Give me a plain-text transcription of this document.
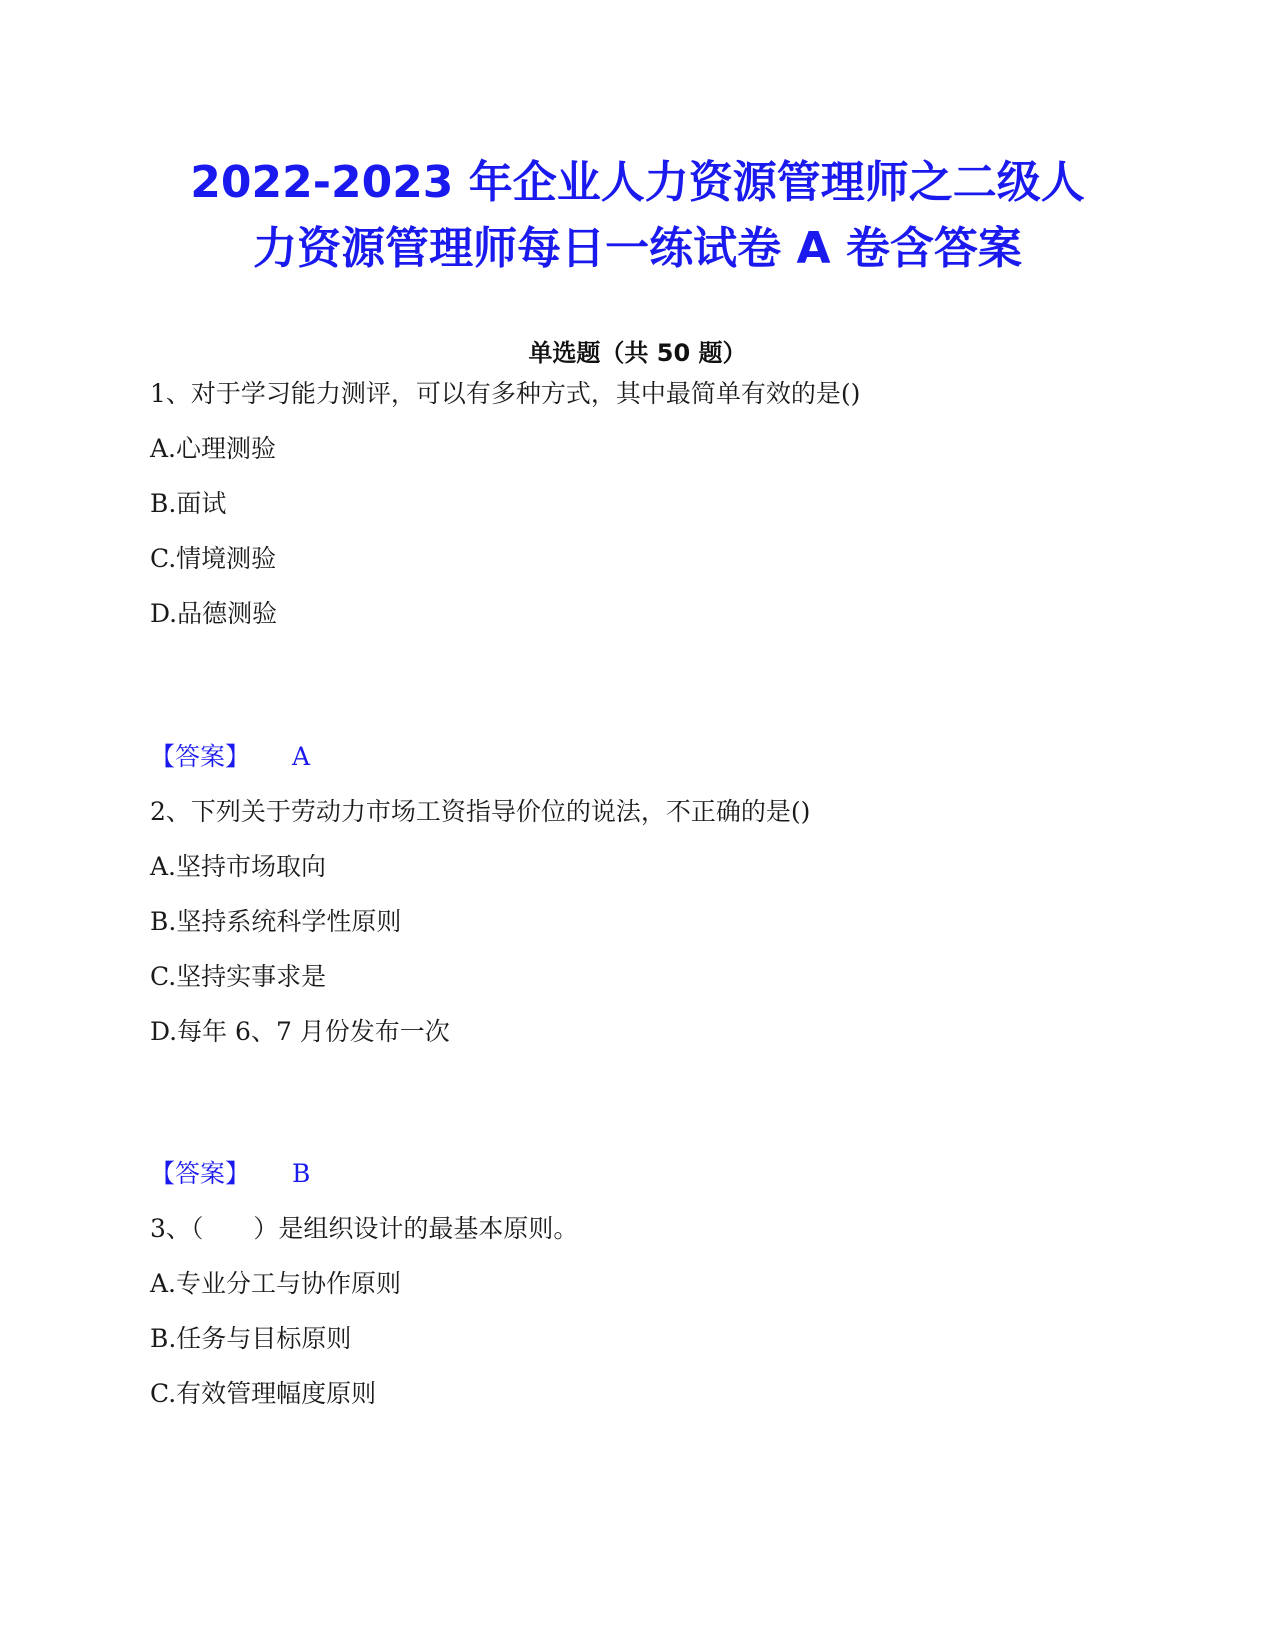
2022-2023 年企业人力资源管理师之二级人
力资源管理师每日一练试卷 A 卷含答案
单选题（共 50 题）
1、对于学习能力测评，可以有多种方式，其中最简单有效的是()
A.心理测验
B.面试
C.情境测验
D.品德测验
【答案】 A
2、下列关于劳动力市场工资指导价位的说法，不正确的是()
A.坚持市场取向
B.坚持系统科学性原则
C.坚持实事求是
D.每年 6、7 月份发布一次
【答案】 B
3、（　　）是组织设计的最基本原则。
A.专业分工与协作原则
B.任务与目标原则
C.有效管理幅度原则
